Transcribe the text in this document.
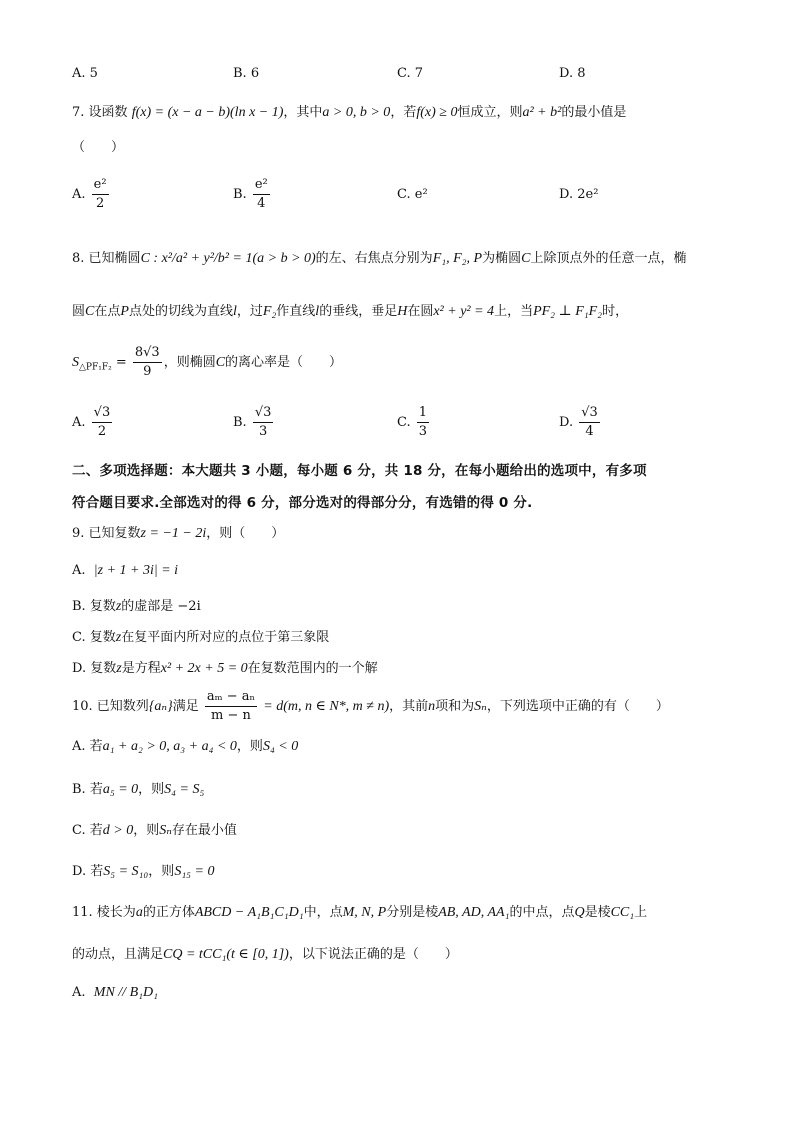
A. 5	B. 6	C. 7	D. 8
7. 设函数 f(x) = (x − a − b)(ln x − 1)，其中a > 0, b > 0，若f(x) ≥ 0恒成立，则a² + b²的最小值是
（　　）
A. $\frac{\text{e²}}{2}$	B. $\frac{\text{e²}}{4}$	C. e²	D. 2e²
8. 已知椭圆C : x²/a² + y²/b² = 1(a > b > 0)的左、右焦点分别为F₁, F₂, P为椭圆C上除顶点外的任意一点，椭
圆C在点P点处的切线为直线l，过F₂作直线l的垂线，垂足H在圆x² + y² = 4上，当PF₂ ⊥ F₁F₂时，
$S_{\triangle PF_1F_2} = \frac{8√3}{9}$ ，则椭圆C的离心率是（　　）
A. $\frac{√3}{2}$	B. $\frac{√3}{3}$	C. $\frac{1}{3}$	D. $\frac{√3}{4}$
二、多项选择题：本大题共 3 小题，每小题 6 分，共 18 分，在每小题给出的选项中，有多项
符合题目要求.全部选对的得 6 分，部分选对的得部分分，有选错的得 0 分.
9. 已知复数z = −1 − 2i，则（　　）
A. |z + 1 + 3i| = i
B. 复数z的虚部是 −2i
C. 复数z在复平面内所对应的点位于第三象限
D. 复数z是方程x² + 2x + 5 = 0在复数范围内的一个解
10. 已知数列{aₙ}满足 $\frac{\text{aₘ − aₙ}}{m - n} = d(m$, n ∈ N*, m ≠ n)，其前n项和为Sₙ，下列选项中正确的有（　　）
A. 若a₁ + a₂ > 0, a₃ + a₄ < 0，则S₄ < 0
B. 若a₅ = 0，则S₄ = S₅
C. 若d > 0，则Sₙ存在最小值
D. 若S₅ = S₁₀，则S₁₅ = 0
11. 棱长为a的正方体ABCD − A₁B₁C₁D₁中，点M, N, P分别是棱AB, AD, AA₁的中点，点Q是棱CC₁上
的动点，且满足CQ = tCC₁(t ∈ [0, 1])，以下说法正确的是（　　）
A. MN // B₁D₁
